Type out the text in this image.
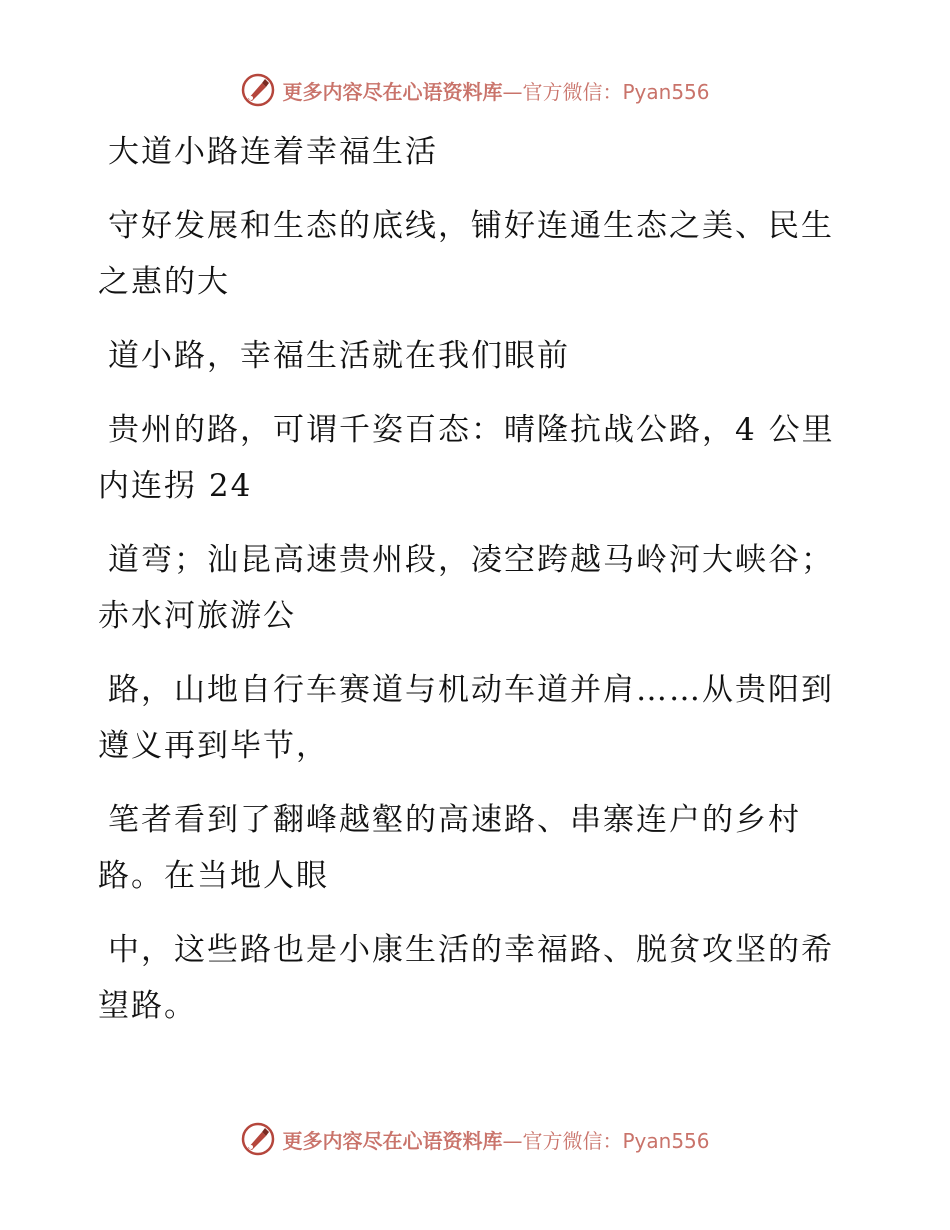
更多内容尽在心语资料库—官方微信：Pyan556

大道小路连着幸福生活

守好发展和生态的底线，铺好连通生态之美、民生之惠的大

道小路，幸福生活就在我们眼前

贵州的路，可谓千姿百态：晴隆抗战公路，4 公里内连拐 24

道弯；汕昆高速贵州段，凌空跨越马岭河大峡谷；赤水河旅游公

路，山地自行车赛道与机动车道并肩……从贵阳到遵义再到毕节，

笔者看到了翻峰越壑的高速路、串寨连户的乡村路。在当地人眼

中，这些路也是小康生活的幸福路、脱贫攻坚的希望路。

更多内容尽在心语资料库—官方微信：Pyan556
